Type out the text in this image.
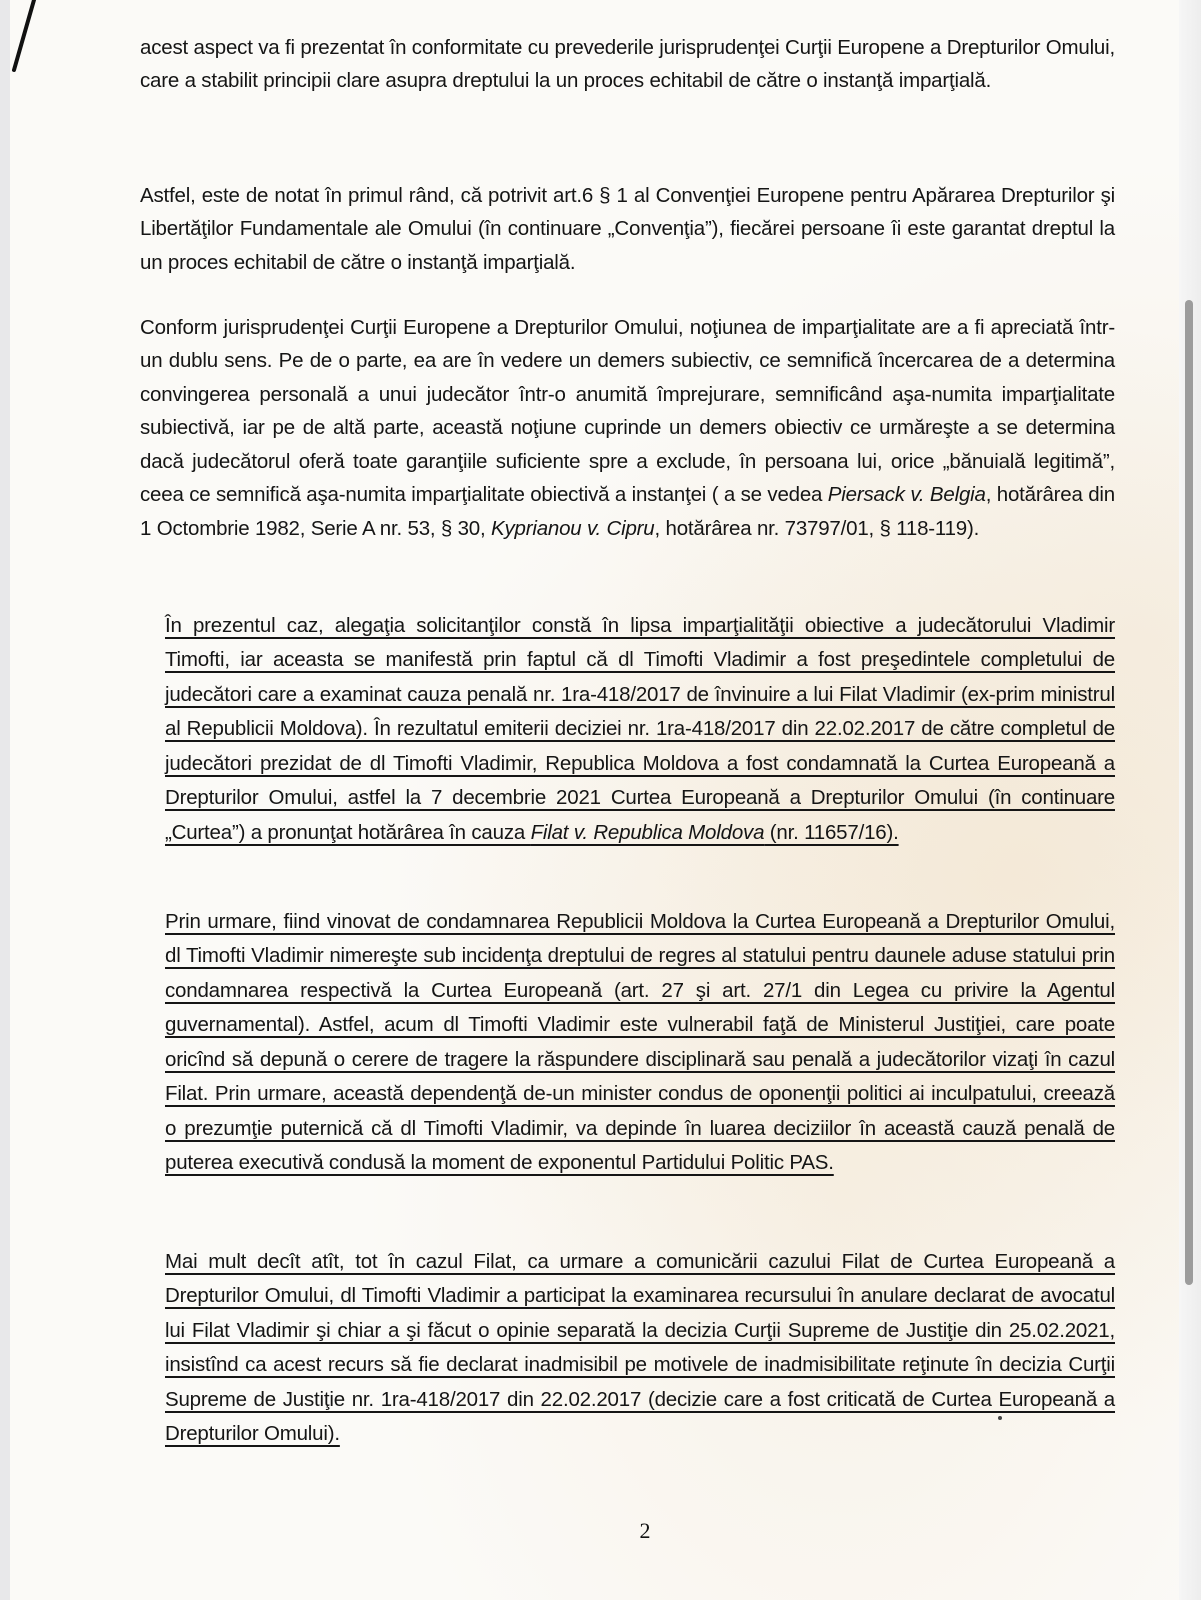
acest aspect va fi prezentat în conformitate cu prevederile jurisprudenţei Curţii Europene a Drepturilor Omului, care a stabilit principii clare asupra dreptului la un proces echitabil de către o instanţă imparţială.

Astfel, este de notat în primul rând, că potrivit art.6 § 1 al Convenţiei Europene pentru Apărarea Drepturilor şi Libertăţilor Fundamentale ale Omului (în continuare „Convenţia”), fiecărei persoane îi este garantat dreptul la un proces echitabil de către o instanţă imparţială.

Conform jurisprudenţei Curţii Europene a Drepturilor Omului, noţiunea de imparţialitate are a fi apreciată într-un dublu sens. Pe de o parte, ea are în vedere un demers subiectiv, ce semnifică încercarea de a determina convingerea personală a unui judecător într-o anumită împrejurare, semnificând aşa-numita imparţialitate subiectivă, iar pe de altă parte, această noţiune cuprinde un demers obiectiv ce urmăreşte a se determina dacă judecătorul oferă toate garanţiile suficiente spre a exclude, în persoana lui, orice „bănuială legitimă”, ceea ce semnifică aşa-numita imparţialitate obiectivă a instanţei ( a se vedea Piersack v. Belgia, hotărârea din 1 Octombrie 1982, Serie A nr. 53, § 30, Kyprianou v. Cipru, hotărârea nr. 73797/01, § 118-119).

În prezentul caz, alegaţia solicitanţilor constă în lipsa imparţialităţii obiective a judecătorului Vladimir Timofti, iar aceasta se manifestă prin faptul că dl Timofti Vladimir a fost preşedintele completului de judecători care a examinat cauza penală nr. 1ra-418/2017 de învinuire a lui Filat Vladimir (ex-prim ministrul al Republicii Moldova). În rezultatul emiterii deciziei nr. 1ra-418/2017 din 22.02.2017 de către completul de judecători prezidat de dl Timofti Vladimir, Republica Moldova a fost condamnată la Curtea Europeană a Drepturilor Omului, astfel la 7 decembrie 2021 Curtea Europeană a Drepturilor Omului (în continuare „Curtea”) a pronunţat hotărârea în cauza Filat v. Republica Moldova (nr. 11657/16).

Prin urmare, fiind vinovat de condamnarea Republicii Moldova la Curtea Europeană a Drepturilor Omului, dl Timofti Vladimir nimereşte sub incidenţa dreptului de regres al statului pentru daunele aduse statului prin condamnarea respectivă la Curtea Europeană (art. 27 şi art. 27/1 din Legea cu privire la Agentul guvernamental). Astfel, acum dl Timofti Vladimir este vulnerabil faţă de Ministerul Justiţiei, care poate oricînd să depună o cerere de tragere la răspundere disciplinară sau penală a judecătorilor vizaţi în cazul Filat. Prin urmare, această dependenţă de-un minister condus de oponenţii politici ai inculpatului, creează o prezumţie puternică că dl Timofti Vladimir, va depinde în luarea deciziilor în această cauză penală de puterea executivă condusă la moment de exponentul Partidului Politic PAS.

Mai mult decît atît, tot în cazul Filat, ca urmare a comunicării cazului Filat de Curtea Europeană a Drepturilor Omului, dl Timofti Vladimir a participat la examinarea recursului în anulare declarat de avocatul lui Filat Vladimir şi chiar a şi făcut o opinie separată la decizia Curţii Supreme de Justiţie din 25.02.2021, insistînd ca acest recurs să fie declarat inadmisibil pe motivele de inadmisibilitate reţinute în decizia Curţii Supreme de Justiţie nr. 1ra-418/2017 din 22.02.2017 (decizie care a fost criticată de Curtea Europeană a Drepturilor Omului).

2
